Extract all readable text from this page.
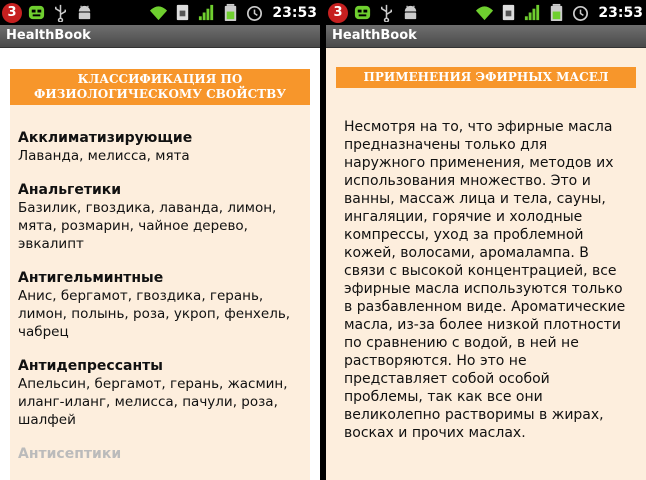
3	23:53
HealthBook
КЛАССИФИКАЦИЯ ПО ФИЗИОЛОГИЧЕСКОМУ СВОЙСТВУ
Акклиматизирующие
Лаванда, мелисса, мята
Анальгетики
Базилик, гвоздика, лаванда, лимон, мята, розмарин, чайное дерево, эвкалипт
Антигельминтные
Анис, бергамот, гвоздика, герань, лимон, полынь, роза, укроп, фенхель, чабрец
Антидепрессанты
Апельсин, бергамот, герань, жасмин, иланг-иланг, мелисса, пачули, роза, шалфей
Антисептики
3	23:53
HealthBook
ПРИМЕНЕНИЯ ЭФИРНЫХ МАСЕЛ
Несмотря на то, что эфирные масла предназначены только для наружного применения, методов их использования множество. Это и ванны, массаж лица и тела, сауны, ингаляции, горячие и холодные компрессы, уход за проблемной кожей, волосами, аромалампа. В связи с высокой концентрацией, все эфирные масла используются только в разбавленном виде. Ароматические масла, из-за более низкой плотности по сравнению с водой, в ней не растворяются. Но это не представляет собой особой проблемы, так как все они великолепно растворимы в жирах, восках и прочих маслах.
